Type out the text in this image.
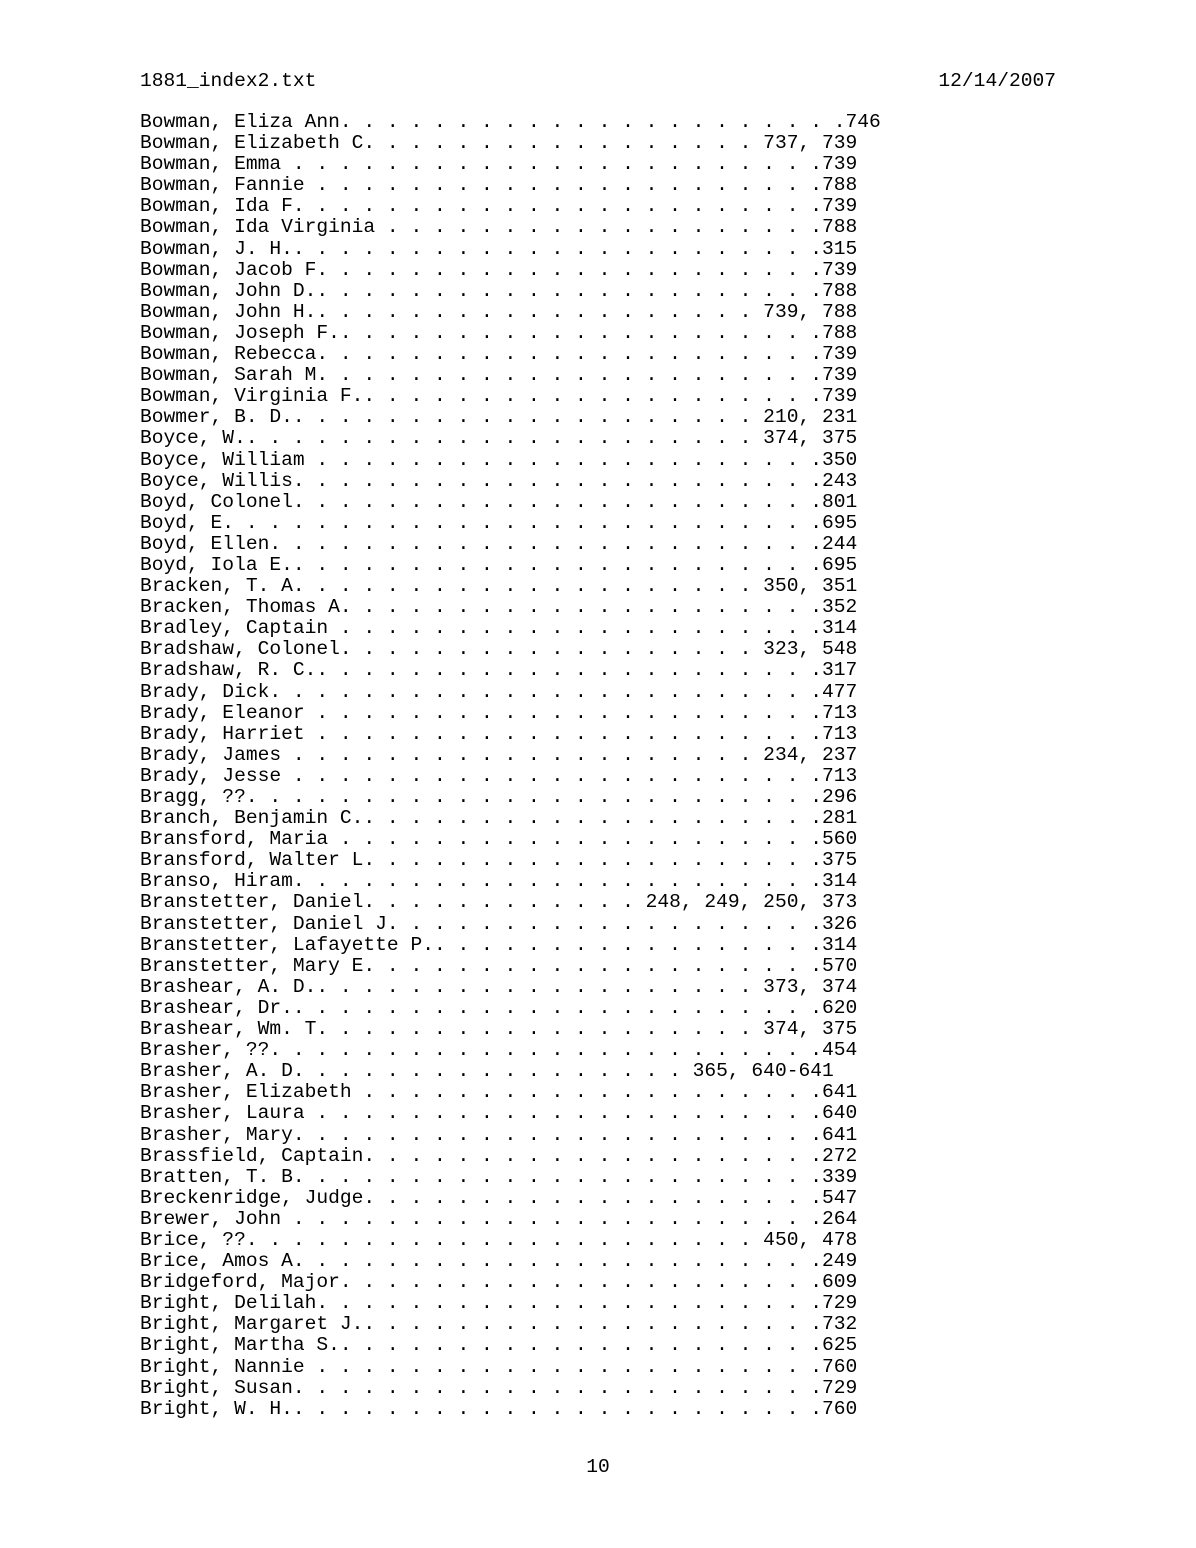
1881_index2.txt	12/14/2007
Bowman, Eliza Ann. . . . . . . . . . . . . . . . . . . . . .746
Bowman, Elizabeth C. . . . . . . . . . . . . . . . . 737, 739
Bowman, Emma . . . . . . . . . . . . . . . . . . . . . . .739
Bowman, Fannie . . . . . . . . . . . . . . . . . . . . . .788
Bowman, Ida F. . . . . . . . . . . . . . . . . . . . . . .739
Bowman, Ida Virginia . . . . . . . . . . . . . . . . . . .788
Bowman, J. H.. . . . . . . . . . . . . . . . . . . . . . .315
Bowman, Jacob F. . . . . . . . . . . . . . . . . . . . . .739
Bowman, John D.. . . . . . . . . . . . . . . . . . . . . .788
Bowman, John H.. . . . . . . . . . . . . . . . . . . 739, 788
Bowman, Joseph F.. . . . . . . . . . . . . . . . . . . . .788
Bowman, Rebecca. . . . . . . . . . . . . . . . . . . . . .739
Bowman, Sarah M. . . . . . . . . . . . . . . . . . . . . .739
Bowman, Virginia F.. . . . . . . . . . . . . . . . . . . .739
Bowmer, B. D.. . . . . . . . . . . . . . . . . . . . 210, 231
Boyce, W.. . . . . . . . . . . . . . . . . . . . . . 374, 375
Boyce, William . . . . . . . . . . . . . . . . . . . . . .350
Boyce, Willis. . . . . . . . . . . . . . . . . . . . . . .243
Boyd, Colonel. . . . . . . . . . . . . . . . . . . . . . .801
Boyd, E. . . . . . . . . . . . . . . . . . . . . . . . . .695
Boyd, Ellen. . . . . . . . . . . . . . . . . . . . . . . .244
Boyd, Iola E.. . . . . . . . . . . . . . . . . . . . . . .695
Bracken, T. A. . . . . . . . . . . . . . . . . . . . 350, 351
Bracken, Thomas A. . . . . . . . . . . . . . . . . . . . .352
Bradley, Captain . . . . . . . . . . . . . . . . . . . . .314
Bradshaw, Colonel. . . . . . . . . . . . . . . . . . 323, 548
Bradshaw, R. C.. . . . . . . . . . . . . . . . . . . . . .317
Brady, Dick. . . . . . . . . . . . . . . . . . . . . . . .477
Brady, Eleanor . . . . . . . . . . . . . . . . . . . . . .713
Brady, Harriet . . . . . . . . . . . . . . . . . . . . . .713
Brady, James . . . . . . . . . . . . . . . . . . . . 234, 237
Brady, Jesse . . . . . . . . . . . . . . . . . . . . . . .713
Bragg, ??. . . . . . . . . . . . . . . . . . . . . . . . .296
Branch, Benjamin C.. . . . . . . . . . . . . . . . . . . .281
Bransford, Maria . . . . . . . . . . . . . . . . . . . . .560
Bransford, Walter L. . . . . . . . . . . . . . . . . . . .375
Branso, Hiram. . . . . . . . . . . . . . . . . . . . . . .314
Branstetter, Daniel. . . . . . . . . . . . 248, 249, 250, 373
Branstetter, Daniel J. . . . . . . . . . . . . . . . . . .326
Branstetter, Lafayette P.. . . . . . . . . . . . . . . . .314
Branstetter, Mary E. . . . . . . . . . . . . . . . . . . .570
Brashear, A. D.. . . . . . . . . . . . . . . . . . . 373, 374
Brashear, Dr.. . . . . . . . . . . . . . . . . . . . . . .620
Brashear, Wm. T. . . . . . . . . . . . . . . . . . . 374, 375
Brasher, ??. . . . . . . . . . . . . . . . . . . . . . . .454
Brasher, A. D. . . . . . . . . . . . . . . . . 365, 640-641
Brasher, Elizabeth . . . . . . . . . . . . . . . . . . . .641
Brasher, Laura . . . . . . . . . . . . . . . . . . . . . .640
Brasher, Mary. . . . . . . . . . . . . . . . . . . . . . .641
Brassfield, Captain. . . . . . . . . . . . . . . . . . . .272
Bratten, T. B. . . . . . . . . . . . . . . . . . . . . . .339
Breckenridge, Judge. . . . . . . . . . . . . . . . . . . .547
Brewer, John . . . . . . . . . . . . . . . . . . . . . . .264
Brice, ??. . . . . . . . . . . . . . . . . . . . . . 450, 478
Brice, Amos A. . . . . . . . . . . . . . . . . . . . . . .249
Bridgeford, Major. . . . . . . . . . . . . . . . . . . . .609
Bright, Delilah. . . . . . . . . . . . . . . . . . . . . .729
Bright, Margaret J.. . . . . . . . . . . . . . . . . . . .732
Bright, Martha S.. . . . . . . . . . . . . . . . . . . . .625
Bright, Nannie . . . . . . . . . . . . . . . . . . . . . .760
Bright, Susan. . . . . . . . . . . . . . . . . . . . . . .729
Bright, W. H.. . . . . . . . . . . . . . . . . . . . . . .760
10
